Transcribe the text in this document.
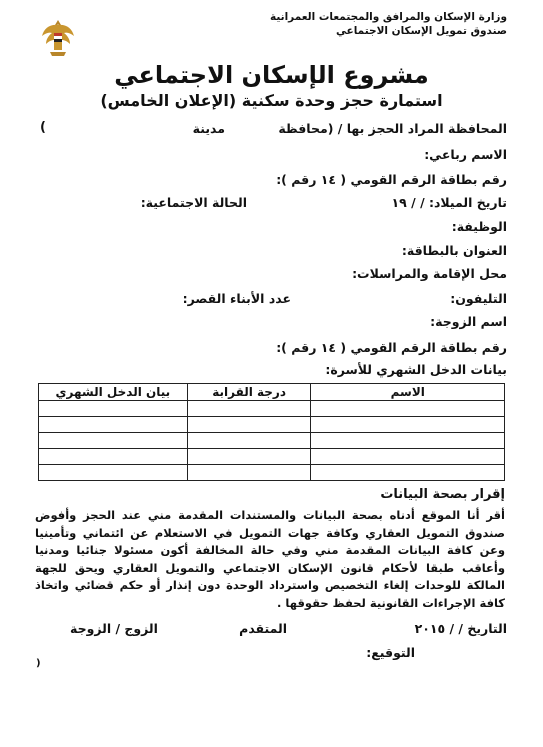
وزارة الإسكان والمرافق والمجتمعات العمرانية
صندوق تمويل الإسكان الاجتماعي
مشروع الإسكان الاجتماعي
استمارة حجز وحدة سكنية (الإعلان الخامس)
المحافظة المراد الحجز بها / (محافظة
مدينة
)
الاسم رباعي:
رقم بطاقة الرقم القومي ( ١٤ رقم ):
تاريخ الميلاد: / / ١٩
الحالة الاجتماعية:
الوظيفة:
العنوان بالبطاقة:
محل الإقامة والمراسلات:
التليفون:
عدد الأبناء القصر:
اسم الزوجة:
رقم بطاقة الرقم القومي ( ١٤ رقم ):
بيانات الدخل الشهري للأسرة:
الاسم	درجة القرابة	بيان الدخل الشهري

إقرار بصحة البيانات
أقر أنا الموقع أدناه بصحة البيانات والمستندات المقدمة مني عند الحجز وأفوض صندوق التمويل العقاري وكافة جهات التمويل في الاستعلام عن ائتماني وتأمينيا وعن كافة البيانات المقدمة مني وفي حالة المخالفة أكون مسئولا جنائيا ومدنيا وأعاقب طبقا لأحكام قانون الإسكان الاجتماعي والتمويل العقاري ويحق للجهة المالكة للوحدات إلغاء التخصيص واسترداد الوحدة دون إنذار أو حكم قضائي واتخاذ كافة الإجراءات القانونية لحفظ حقوقها .
التاريخ / / ٢٠١٥
المتقدم
الزوج / الزوجة
التوقيع:
(
